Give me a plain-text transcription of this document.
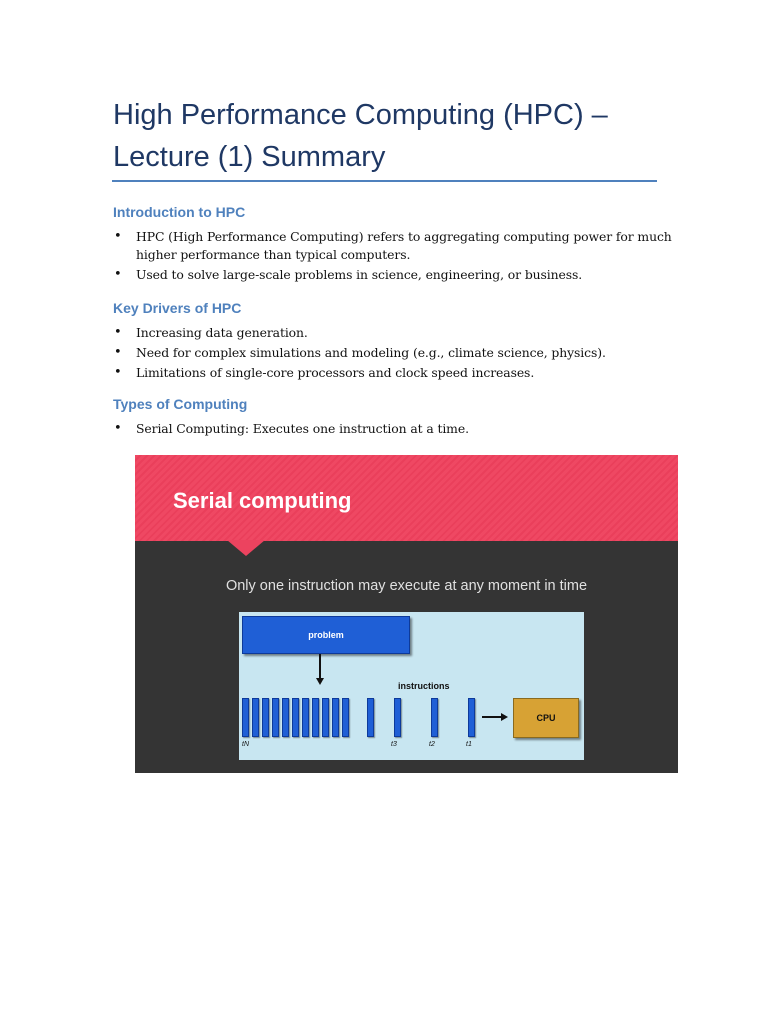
High Performance Computing (HPC) – Lecture (1) Summary
Introduction to HPC
• HPC (High Performance Computing) refers to aggregating computing power for much higher performance than typical computers.
• Used to solve large-scale problems in science, engineering, or business.
Key Drivers of HPC
• Increasing data generation.
• Need for complex simulations and modeling (e.g., climate science, physics).
• Limitations of single-core processors and clock speed increases.
Types of Computing
• Serial Computing: Executes one instruction at a time.
Serial computing
Only one instruction may execute at any moment in time
problem
instructions
CPU
tN	t3	t2	t1
